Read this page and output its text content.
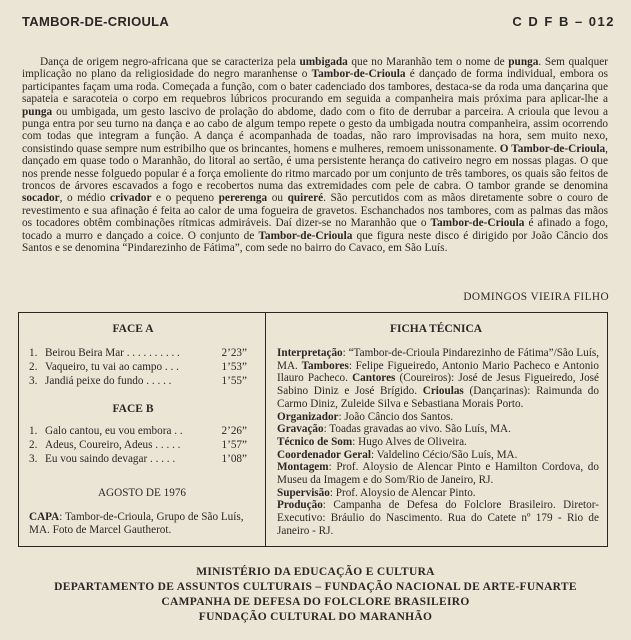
TAMBOR-DE-CRIOULA	C D F B – 012
Dança de origem negro-africana que se caracteriza pela umbigada que no Maranhão tem o nome de punga. Sem qualquer implicação no plano da religiosidade do negro maranhense o Tambor-de-Crioula é dançado de forma individual, embora os participantes façam uma roda. Começada a função, com o bater cadenciado dos tambores, destaca-se da roda uma dançarina que sapateia e saracoteia o corpo em requebros lúbricos procurando em seguida a companheira mais próxima para aplicar-lhe a punga ou umbigada, um gesto lascivo de prolação do abdome, dado com o fito de derrubar a parceira. A crioula que levou a punga entra por seu turno na dança e ao cabo de algum tempo repete o gesto da umbigada noutra companheira, assim ocorrendo com todas que integram a função. A dança é acompanhada de toadas, não raro improvisadas na hora, sem muito nexo, consistindo quase sempre num estribilho que os brincantes, homens e mulheres, remoem unissonamente. O Tambor-de-Crioula, dançado em quase todo o Maranhão, do litoral ao sertão, é uma persistente herança do cativeiro negro em nossas plagas. O que nos prende nesse folguedo popular é a força emoliente do ritmo marcado por um conjunto de três tambores, os quais são feitos de troncos de árvores escavados a fogo e recobertos numa das extremidades com pele de cabra. O tambor grande se denomina socador, o médio crivador e o pequeno pererenga ou quireré. São percutidos com as mãos diretamente sobre o couro de revestimento e sua afinação é feita ao calor de uma fogueira de gravetos. Eschanchados nos tambores, com as palmas das mãos os tocadores obtêm combinações rítmicas admiráveis. Daí dizer-se no Maranhão que o Tambor-de-Crioula é afinado a fogo, tocado a murro e dançado a coice. O conjunto de Tambor-de-Crioula que figura neste disco é dirigido por João Câncio dos Santos e se denomina “Pindarezinho de Fátima”, com sede no bairro do Cavaco, em São Luís.
DOMINGOS VIEIRA FILHO
FACE A
1. Beirou Beira Mar . . . . . . . . . .	2’23”
2. Vaqueiro, tu vai ao campo . . .	1’53”
3. Jandiá peixe do fundo . . . . .	1’55”
FACE B
1. Galo cantou, eu vou embora . .	2’26”
2. Adeus, Coureiro, Adeus . . . . .	1’57”
3. Eu vou saindo devagar . . . . .	1’08”
AGOSTO DE 1976
CAPA: Tambor-de-Crioula, Grupo de São Luís, MA. Foto de Marcel Gautherot.
FICHA TÉCNICA

Interpretação: “Tambor-de-Crioula Pindarezinho de Fátima”/São Luís, MA. Tambores: Felipe Figueiredo, Antonio Mario Pacheco e Antonio Ilauro Pacheco. Cantores (Coureiros): José de Jesus Figueiredo, José Sabino Diniz e José Brígido. Crioulas (Dançarinas): Raimunda do Carmo Diniz, Zuleide Silva e Sebastiana Morais Porto.

Organizador: João Câncio dos Santos.

Gravação: Toadas gravadas ao vivo. São Luís, MA.

Técnico de Som: Hugo Alves de Oliveira.

Coordenador Geral: Valdelino Cécio/São Luís, MA.

Montagem: Prof. Aloysio de Alencar Pinto e Hamilton Cordova, do Museu da Imagem e do Som/Rio de Janeiro, RJ.

Supervisão: Prof. Aloysio de Alencar Pinto.

Produção: Campanha de Defesa do Folclore Brasileiro. Diretor-Executivo: Bráulio do Nascimento. Rua do Catete nº 179 - Rio de Janeiro - RJ.

MINISTÉRIO DA EDUCAÇÃO E CULTURA
DEPARTAMENTO DE ASSUNTOS CULTURAIS – FUNDAÇÃO NACIONAL DE ARTE-FUNARTE
CAMPANHA DE DEFESA DO FOLCLORE BRASILEIRO
FUNDAÇÃO CULTURAL DO MARANHÃO
